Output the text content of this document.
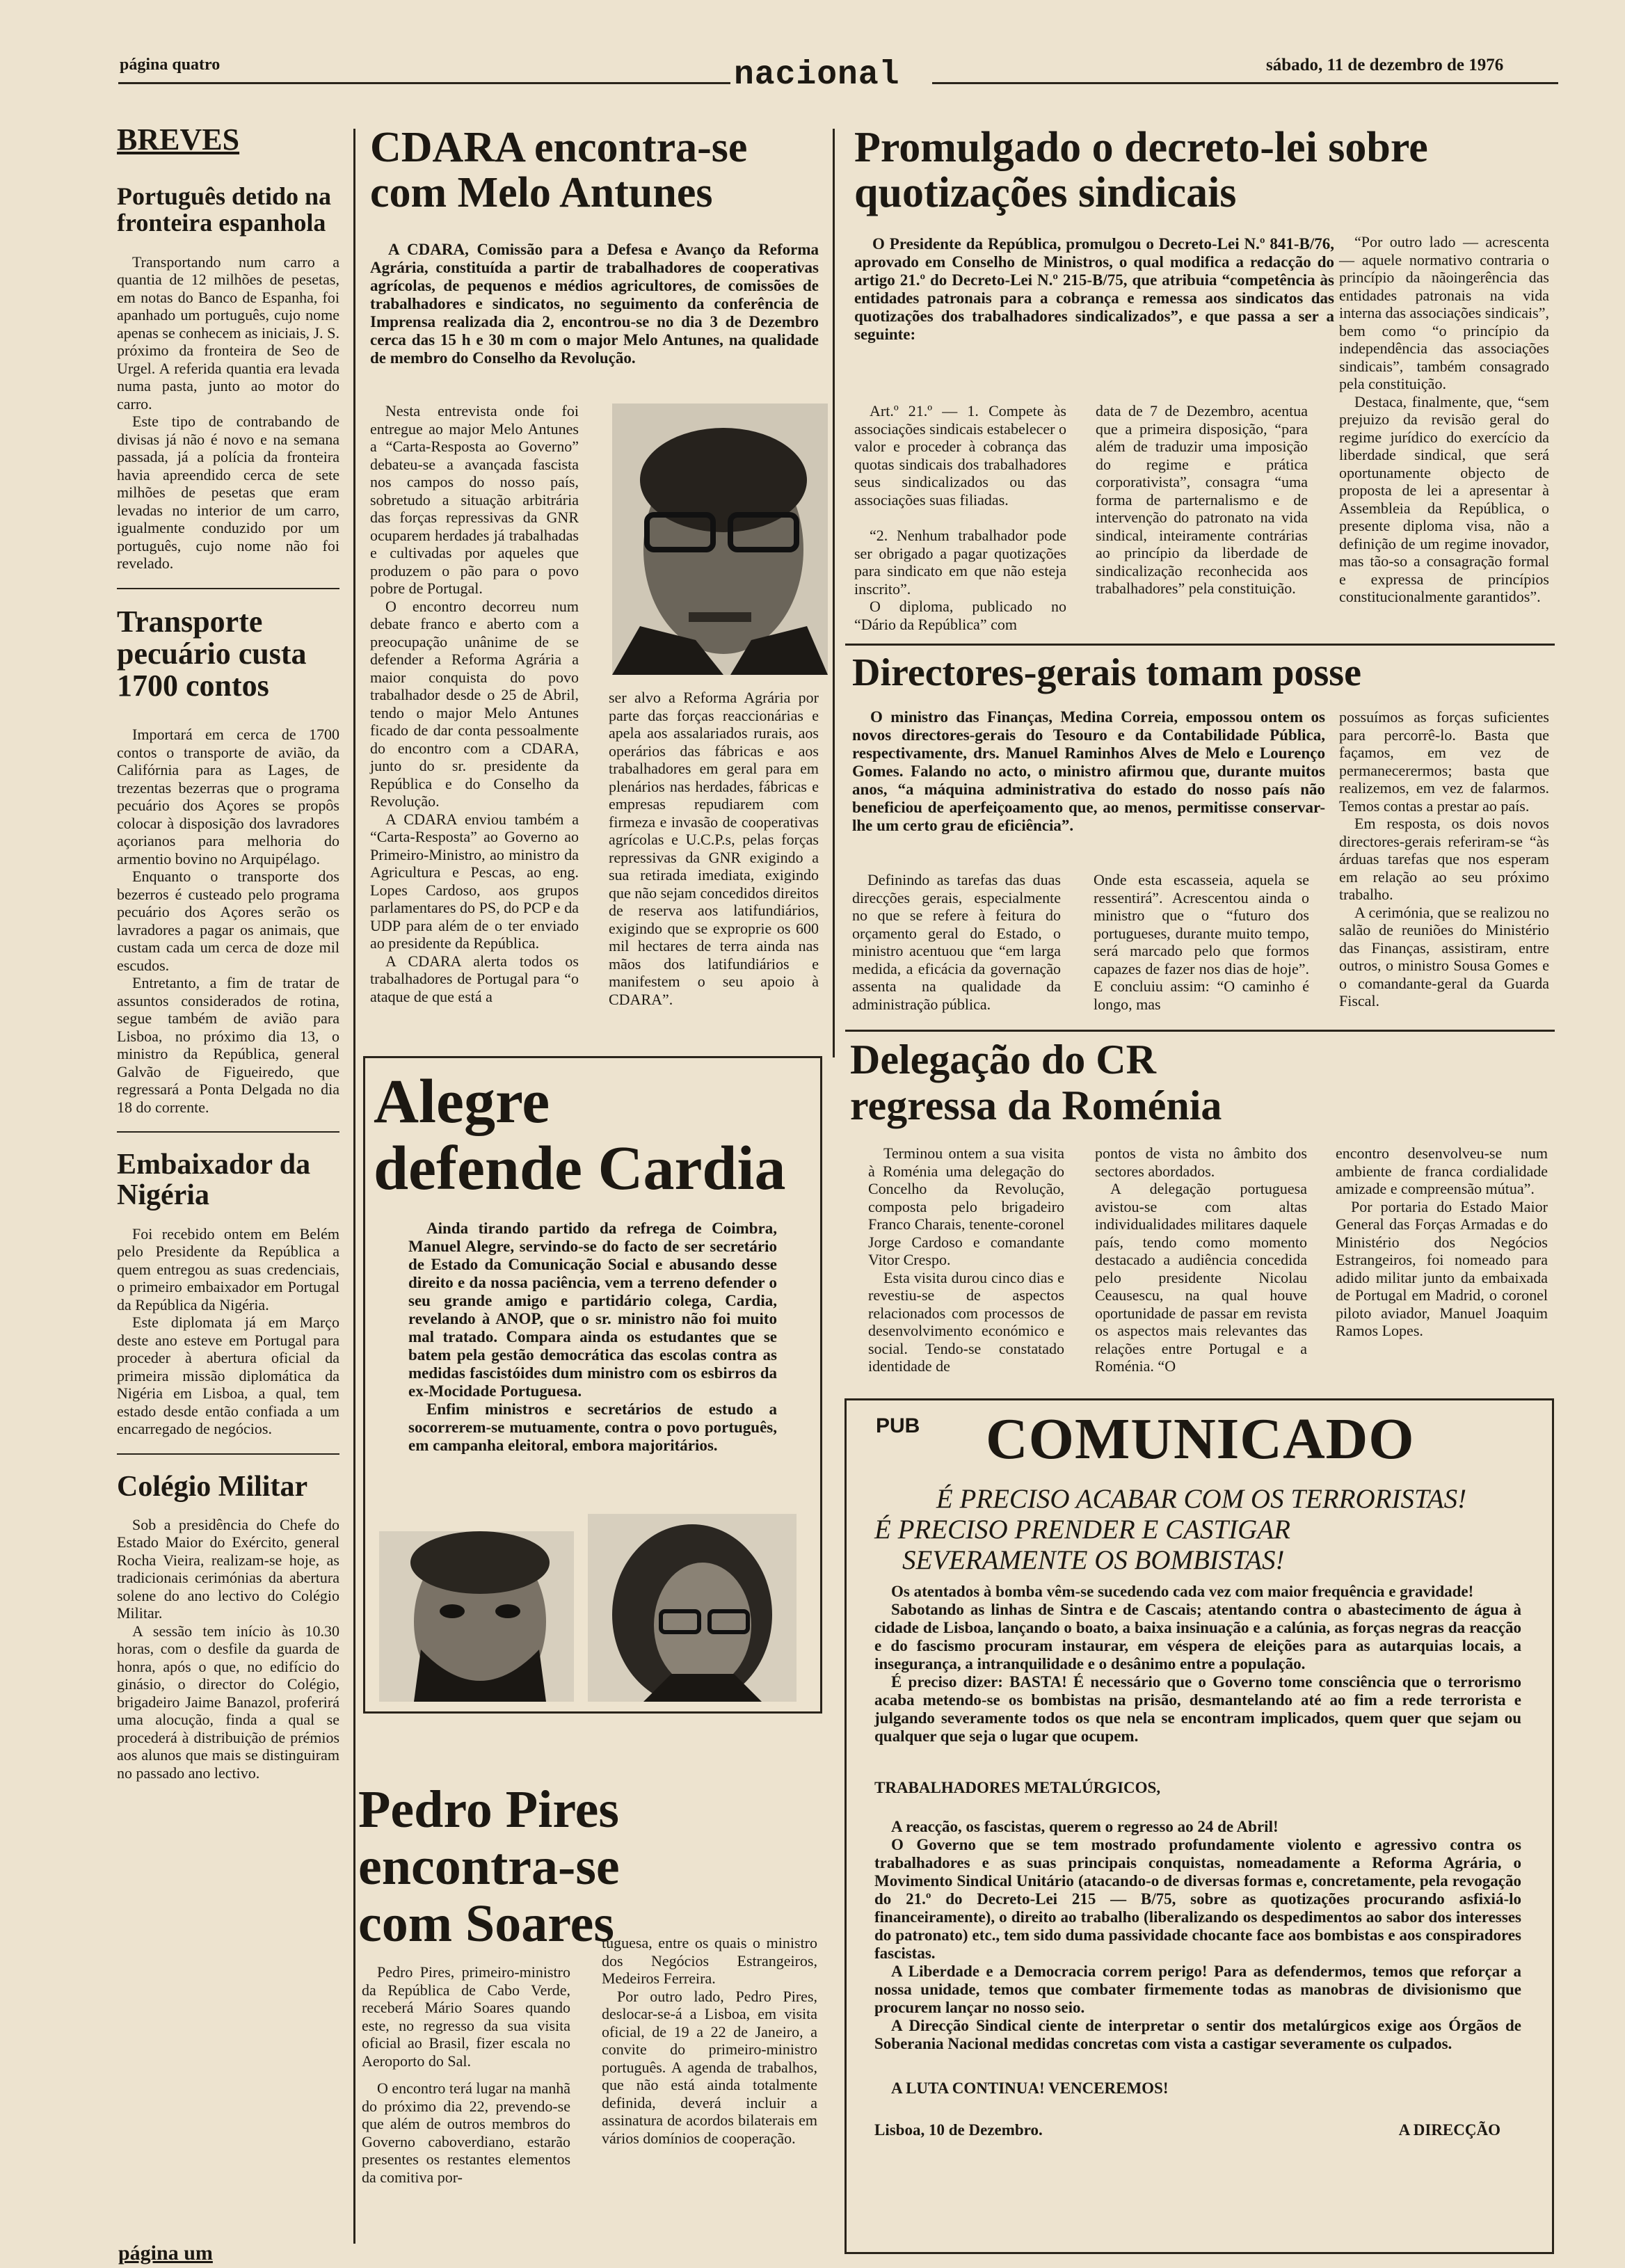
página quatro	nacional	sábado, 11 de dezembro de 1976
BREVES
Português detido na fronteira espanhola

Transportando num carro a quantia de 12 milhões de pesetas, em notas do Banco de Espanha, foi apanhado um português, cujo nome apenas se conhecem as iniciais, J. S. próximo da fronteira de Seo de Urgel. A referida quantia era levada numa pasta, junto ao motor do carro.

Este tipo de contrabando de divisas já não é novo e na semana passada, já a polícia da fronteira havia apreendido cerca de sete milhões de pesetas que eram levadas no interior de um carro, igualmente conduzido por um português, cujo nome não foi revelado.

Transporte pecuário custa 1700 contos

Importará em cerca de 1700 contos o transporte de avião, da Califórnia para as Lages, de trezentas bezerras que o programa pecuário dos Açores se propôs colocar à disposição dos lavradores açorianos para melhoria do armentio bovino no Arquipélago.

Enquanto o transporte dos bezerros é custeado pelo programa pecuário dos Açores serão os lavradores a pagar os animais, que custam cada um cerca de doze mil escudos.

Entretanto, a fim de tratar de assuntos considerados de rotina, segue também de avião para Lisboa, no próximo dia 13, o ministro da República, general Galvão de Figueiredo, que regressará a Ponta Delgada no dia 18 do corrente.

Embaixador da Nigéria

Foi recebido ontem em Belém pelo Presidente da República a quem entregou as suas credenciais, o primeiro embaixador em Portugal da República da Nigéria.

Este diplomata já em Março deste ano esteve em Portugal para proceder à abertura oficial da primeira missão diplomática da Nigéria em Lisboa, a qual, tem estado desde então confiada a um encarregado de negócios.

Colégio Militar

Sob a presidência do Chefe do Estado Maior do Exército, general Rocha Vieira, realizam-se hoje, as tradicionais cerimónias da abertura solene do ano lectivo do Colégio Militar.

A sessão tem início às 10.30 horas, com o desfile da guarda de honra, após o que, no edifício do ginásio, o director do Colégio, brigadeiro Jaime Banazol, proferirá uma alocução, finda a qual se procederá à distribuição de prémios aos alunos que mais se distinguiram no passado ano lectivo.

página um
CDARA encontra-se com Melo Antunes

A CDARA, Comissão para a Defesa e Avanço da Reforma Agrária, constituída a partir de trabalhadores de cooperativas agrícolas, de pequenos e médios agricultores, de comissões de trabalhadores e sindicatos, no seguimento da conferência de Imprensa realizada dia 2, encontrou-se no dia 3 de Dezembro cerca das 15 h e 30 m com o major Melo Antunes, na qualidade de membro do Conselho da Revolução.

Nesta entrevista onde foi entregue ao major Melo Antunes a “Carta-Resposta ao Governo” debateu-se a avançada fascista nos campos do nosso país, sobretudo a situação arbitrária das forças repressivas da GNR ocuparem herdades já trabalhadas e cultivadas por aqueles que produzem o pão para o povo pobre de Portugal.

O encontro decorreu num debate franco e aberto com a preocupação unânime de se defender a Reforma Agrária a maior conquista do povo trabalhador desde o 25 de Abril, tendo o major Melo Antunes ficado de dar conta pessoalmente do encontro com a CDARA, junto do sr. presidente da República e do Conselho da Revolução.

A CDARA enviou também a “Carta-Resposta” ao Governo ao Primeiro-Ministro, ao ministro da Agricultura e Pescas, ao eng. Lopes Cardoso, aos grupos parlamentares do PS, do PCP e da UDP para além de o ter enviado ao presidente da República.

A CDARA alerta todos os trabalhadores de Portugal para “o ataque de que está a

ser alvo a Reforma Agrária por parte das forças reaccionárias e apela aos assalariados rurais, aos operários das fábricas e aos trabalhadores em geral para em plenários nas herdades, fábricas e empresas repudiarem com firmeza e invasão de cooperativas agrícolas e U.C.P.s, pelas forças repressivas da GNR exigindo a sua retirada imediata, exigindo que não sejam concedidos direitos de reserva aos latifundiários, exigindo que se exproprie os 600 mil hectares de terra ainda nas mãos dos latifundiários e manifestem o seu apoio à CDARA”.

Promulgado o decreto-lei sobre quotizações sindicais

O Presidente da República, promulgou o Decreto-Lei N.º 841-B/76, aprovado em Conselho de Ministros, o qual modifica a redacção do artigo 21.º do Decreto-Lei N.º 215-B/75, que atribuia “competência às entidades patronais para a cobrança e remessa aos sindicatos das quotizações dos trabalhadores sindicalizados”, e que passa a ser a seguinte:

Art.º 21.º — 1. Compete às associações sindicais estabelecer o valor e proceder à cobrança das quotas sindicais dos trabalhadores seus sindicalizados ou das associações suas filiadas.

“2. Nenhum trabalhador pode ser obrigado a pagar quotizações para sindicato em que não esteja inscrito”.

O diploma, publicado no “Dário da República” com

data de 7 de Dezembro, acentua que a primeira disposição, “para além de traduzir uma imposição do regime e prática corporativista”, consagra “uma forma de parternalismo e de intervenção do patronato na vida sindical, inteiramente contrárias ao princípio da liberdade de sindicalização reconhecida aos trabalhadores” pela constituição.

“Por outro lado — acrescenta — aquele normativo contraria o princípio da nãoingerência das entidades patronais na vida interna das associações sindicais”, bem como “o princípio da independência das associações sindicais”, também consagrado pela constituição.

Destaca, finalmente, que, “sem prejuizo da revisão geral do regime jurídico do exercício da liberdade sindical, que será oportunamente objecto de proposta de lei a apresentar à Assembleia da República, o presente diploma visa, não a definição de um regime inovador, mas tão-so a consagração formal e expressa de princípios constitucionalmente garantidos”.

Directores-gerais tomam posse

O ministro das Finanças, Medina Correia, empossou ontem os novos directores-gerais do Tesouro e da Contabilidade Pública, respectivamente, drs. Manuel Raminhos Alves de Melo e Lourenço Gomes. Falando no acto, o ministro afirmou que, durante muitos anos, “a máquina administrativa do estado do nosso país não beneficiou de aperfeiçoamento que, ao menos, permitisse conservar-lhe um certo grau de eficiência”.

Definindo as tarefas das duas direcções gerais, especialmente no que se refere à feitura do orçamento geral do Estado, o ministro acentuou que “em larga medida, a eficácia da governação assenta na qualidade da administração pública.

Onde esta escasseia, aquela se ressentirá”. Acrescentou ainda o ministro que o “futuro dos portugueses, durante muito tempo, será marcado pelo que formos capazes de fazer nos dias de hoje”. E concluiu assim: “O caminho é longo, mas

possuímos as forças suficientes para percorrê-lo. Basta que façamos, em vez de permanecerermos; basta que realizemos, em vez de falarmos. Temos contas a prestar ao país.

Em resposta, os dois novos directores-gerais referiram-se “às árduas tarefas que nos esperam em relação ao seu próximo trabalho.

A cerimónia, que se realizou no salão de reuniões do Ministério das Finanças, assistiram, entre outros, o ministro Sousa Gomes e o comandante-geral da Guarda Fiscal.

Alegre
defende Cardia

Ainda tirando partido da refrega de Coimbra, Manuel Alegre, servindo-se do facto de ser secretário de Estado da Comunicação Social e abusando desse direito e da nossa paciência, vem a terreno defender o seu grande amigo e partidário colega, Cardia, revelando à ANOP, que o sr. ministro não foi muito mal tratado. Compara ainda os estudantes que se batem pela gestão democrática das escolas contra as medidas fascistóides dum ministro com os esbirros da ex-Mocidade Portuguesa.

Enfim ministros e secretários de estudo a socorrerem-se mutuamente, contra o povo português, em campanha eleitoral, embora majoritários.

Delegação do CR regressa da Roménia

Terminou ontem a sua visita à Roménia uma delegação do Concelho da Revolução, composta pelo brigadeiro Franco Charais, tenente-coronel Jorge Cardoso e comandante Vitor Crespo.

Esta visita durou cinco dias e revestiu-se de aspectos relacionados com processos de desenvolvimento económico e social. Tendo-se constatado identidade de

pontos de vista no âmbito dos sectores abordados.

A delegação portuguesa avistou-se com altas individualidades militares daquele país, tendo como momento destacado a audiência concedida pelo presidente Nicolau Ceausescu, na qual houve oportunidade de passar em revista os aspectos mais relevantes das relações entre Portugal e a Roménia. “O

encontro desenvolveu-se num ambiente de franca cordialidade amizade e compreensão mútua”.

Por portaria do Estado Maior General das Forças Armadas e do Ministério dos Negócios Estrangeiros, foi nomeado para adido militar junto da embaixada de Portugal em Madrid, o coronel piloto aviador, Manuel Joaquim Ramos Lopes.

Pedro Pires
encontra-se
com Soares

Pedro Pires, primeiro-ministro da República de Cabo Verde, receberá Mário Soares quando este, no regresso da sua visita oficial ao Brasil, fizer escala no Aeroporto do Sal.

O encontro terá lugar na manhã do próximo dia 22, prevendo-se que além de outros membros do Governo caboverdiano, estarão presentes os restantes elementos da comitiva por-

tuguesa, entre os quais o ministro dos Negócios Estrangeiros, Medeiros Ferreira.

Por outro lado, Pedro Pires, deslocar-se-á a Lisboa, em visita oficial, de 19 a 22 de Janeiro, a convite do primeiro-ministro português. A agenda de trabalhos, que não está ainda totalmente definida, deverá incluir a assinatura de acordos bilaterais em vários domínios de cooperação.

PUB COMUNICADO
É PRECISO ACABAR COM OS TERRORISTAS!
É PRECISO PRENDER E CASTIGAR
SEVERAMENTE OS BOMBISTAS!

Os atentados à bomba vêm-se sucedendo cada vez com maior frequência e gravidade!

Sabotando as linhas de Sintra e de Cascais; atentando contra o abastecimento de água à cidade de Lisboa, lançando o boato, a baixa insinuação e a calúnia, as forças negras da reacção e do fascismo procuram instaurar, em véspera de eleições para as autarquias locais, a insegurança, a intranquilidade e o desânimo entre a população.

É preciso dizer: BASTA! É necessário que o Governo tome consciência que o terrorismo acaba metendo-se os bombistas na prisão, desmantelando até ao fim a rede terrorista e julgando severamente todos os que nela se encontram implicados, quem quer que sejam ou qualquer que seja o lugar que ocupem.

TRABALHADORES METALÚRGICOS,

A reacção, os fascistas, querem o regresso ao 24 de Abril!

O Governo que se tem mostrado profundamente violento e agressivo contra os trabalhadores e as suas principais conquistas, nomeadamente a Reforma Agrária, o Movimento Sindical Unitário (atacando-o de diversas formas e, concretamente, pela revogação do 21.º do Decreto-Lei 215 — B/75, sobre as quotizações procurando asfixiá-lo financeiramente), o direito ao trabalho (liberalizando os despedimentos ao sabor dos interesses do patronato) etc., tem sido duma passividade chocante face aos bombistas e aos conspiradores fascistas.

A Liberdade e a Democracia correm perigo! Para as defendermos, temos que reforçar a nossa unidade, temos que combater firmemente todas as manobras de divisionismo que procurem lançar no nosso seio.

A Direcção Sindical ciente de interpretar o sentir dos metalúrgicos exige aos Órgãos de Soberania Nacional medidas concretas com vista a castigar severamente os culpados.

A LUTA CONTINUA! VENCEREMOS!

Lisboa, 10 de Dezembro.	A DIRECÇÃO
